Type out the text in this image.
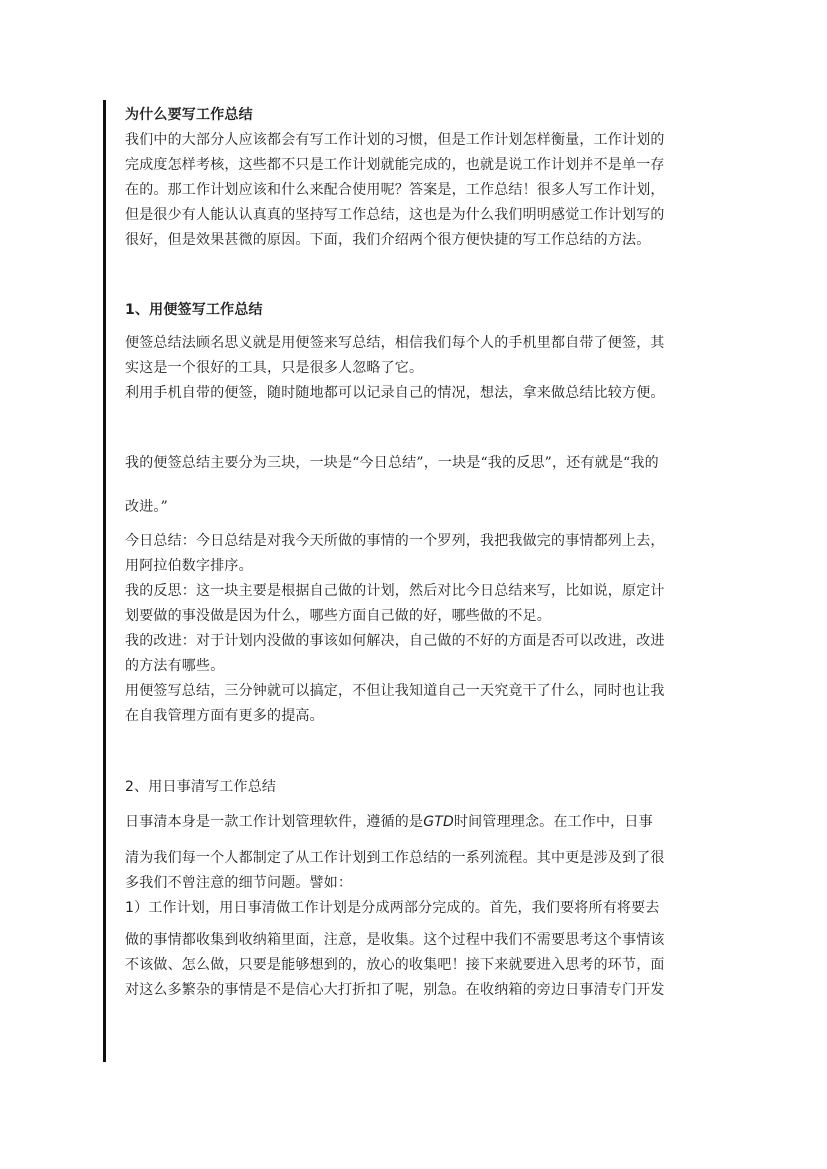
为什么要写工作总结
我们中的大部分人应该都会有写工作计划的习惯，但是工作计划怎样衡量，工作计划的
完成度怎样考核，这些都不只是工作计划就能完成的，也就是说工作计划并不是单一存
在的。那工作计划应该和什么来配合使用呢？答案是，工作总结！很多人写工作计划，
但是很少有人能认认真真的坚持写工作总结，这也是为什么我们明明感觉工作计划写的
很好，但是效果甚微的原因。下面，我们介绍两个很方便快捷的写工作总结的方法。
1、用便签写工作总结
便签总结法顾名思义就是用便签来写总结，相信我们每个人的手机里都自带了便签，其
实这是一个很好的工具，只是很多人忽略了它。
利用手机自带的便签，随时随地都可以记录自己的情况，想法，拿来做总结比较方便。
我的便签总结主要分为三块，一块是“今日总结”，一块是“我的反思”，还有就是“我的
改进。”
今日总结：今日总结是对我今天所做的事情的一个罗列，我把我做完的事情都列上去，
用阿拉伯数字排序。
我的反思：这一块主要是根据自己做的计划，然后对比今日总结来写，比如说，原定计
划要做的事没做是因为什么，哪些方面自己做的好，哪些做的不足。
我的改进：对于计划内没做的事该如何解决，自己做的不好的方面是否可以改进，改进
的方法有哪些。
用便签写总结，三分钟就可以搞定，不但让我知道自己一天究竟干了什么，同时也让我
在自我管理方面有更多的提高。
2、用日事清写工作总结
日事清本身是一款工作计划管理软件，遵循的是GTD时间管理理念。在工作中，日事
清为我们每一个人都制定了从工作计划到工作总结的一系列流程。其中更是涉及到了很
多我们不曾注意的细节问题。譬如：
1）工作计划，用日事清做工作计划是分成两部分完成的。首先，我们要将所有将要去
做的事情都收集到收纳箱里面，注意，是收集。这个过程中我们不需要思考这个事情该
不该做、怎么做，只要是能够想到的，放心的收集吧！接下来就要进入思考的环节，面
对这么多繁杂的事情是不是信心大打折扣了呢，别急。在收纳箱的旁边日事清专门开发
